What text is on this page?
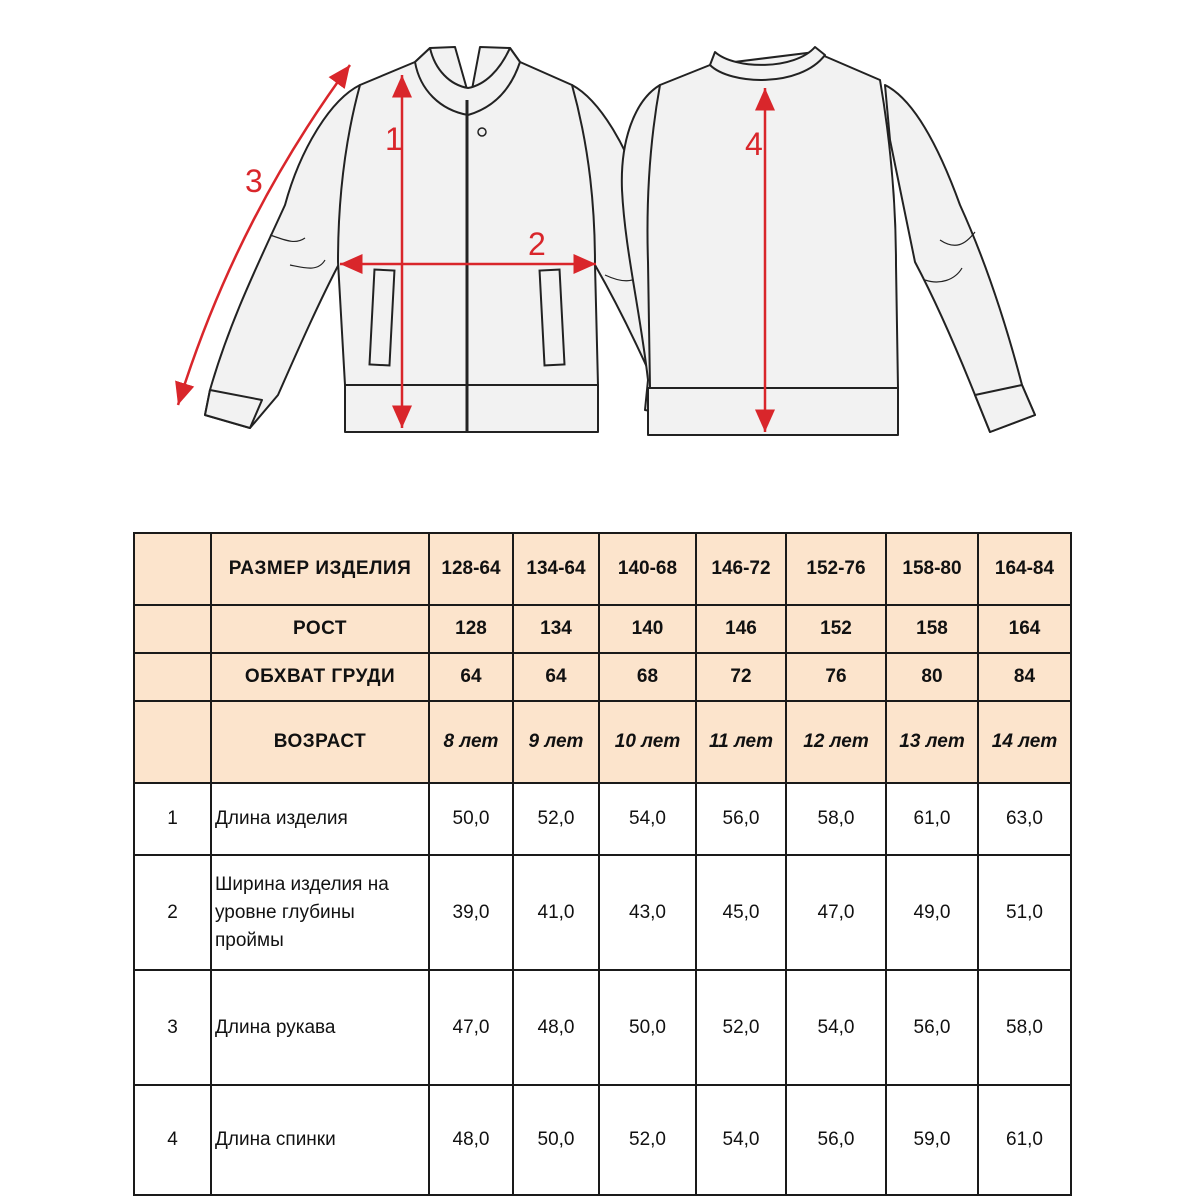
1
2
3
4
	РАЗМЕР ИЗДЕЛИЯ	128-64	134-64	140-68	146-72	152-76	158-80	164-84
	РОСТ	128	134	140	146	152	158	164
	ОБХВАТ ГРУДИ	64	64	68	72	76	80	84
	ВОЗРАСТ	8 лет	9 лет	10 лет	11 лет	12 лет	13 лет	14 лет
1	Длина изделия	50,0	52,0	54,0	56,0	58,0	61,0	63,0
2	Ширина изделия на уровне глубины проймы	39,0	41,0	43,0	45,0	47,0	49,0	51,0
3	Длина рукава	47,0	48,0	50,0	52,0	54,0	56,0	58,0
4	Длина спинки	48,0	50,0	52,0	54,0	56,0	59,0	61,0
